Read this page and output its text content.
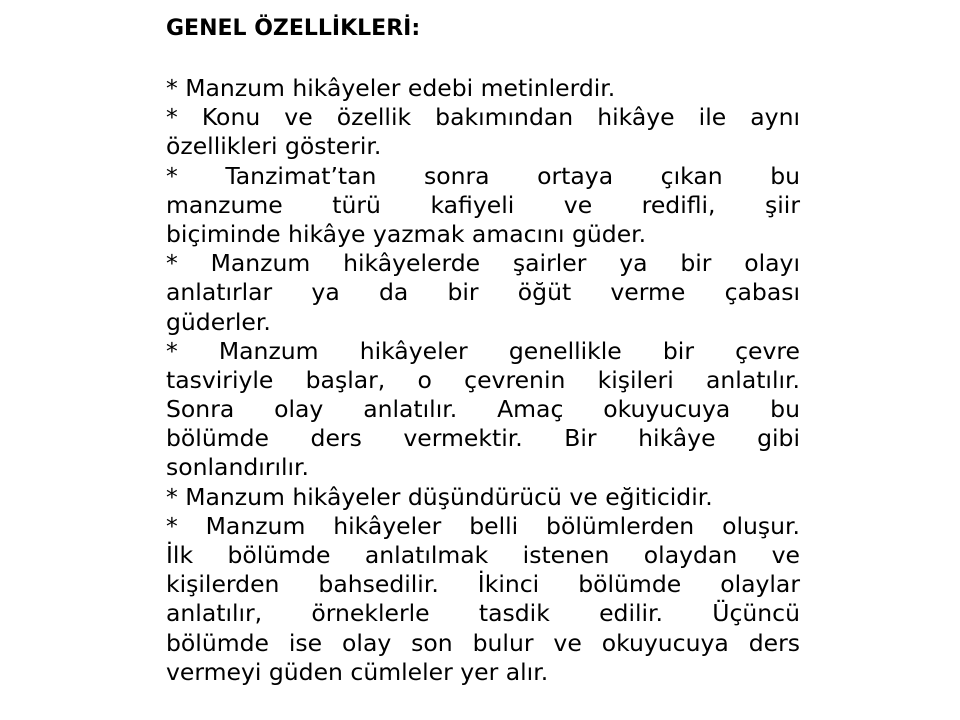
GENEL ÖZELLİKLERİ:
* Manzum hikâyeler edebi metinlerdir.
* Konu ve özellik bakımından hikâye ile aynı
özellikleri gösterir.
* Tanzimat’tan sonra ortaya çıkan bu
manzume türü kafiyeli ve redifli, şiir
biçiminde hikâye yazmak amacını güder.
* Manzum hikâyelerde şairler ya bir olayı
anlatırlar ya da bir öğüt verme çabası
güderler.
* Manzum hikâyeler genellikle bir çevre
tasviriyle başlar, o çevrenin kişileri anlatılır.
Sonra olay anlatılır. Amaç okuyucuya bu
bölümde ders vermektir. Bir hikâye gibi
sonlandırılır.
* Manzum hikâyeler düşündürücü ve eğiticidir.
* Manzum hikâyeler belli bölümlerden oluşur.
İlk bölümde anlatılmak istenen olaydan ve
kişilerden bahsedilir. İkinci bölümde olaylar
anlatılır, örneklerle tasdik edilir. Üçüncü
bölümde ise olay son bulur ve okuyucuya ders
vermeyi güden cümleler yer alır.
